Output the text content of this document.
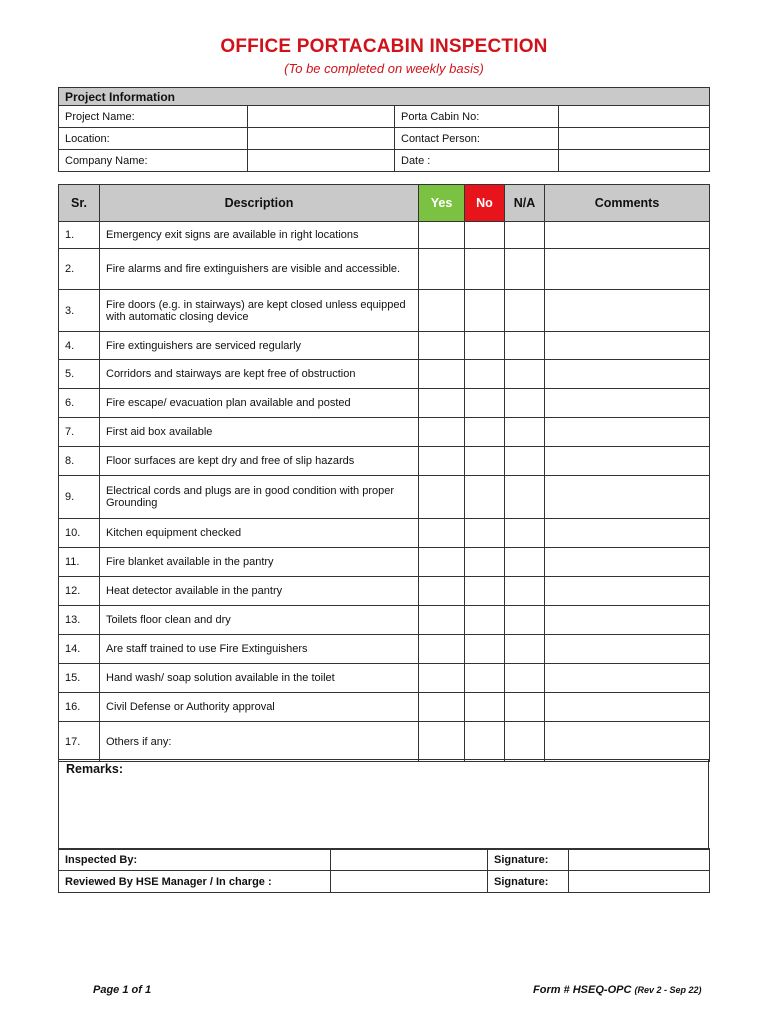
OFFICE PORTACABIN INSPECTION
(To be completed on weekly basis)
Project Information			
Project Name:		Porta Cabin No:	
Location:		Contact Person:	
Company Name:		Date :	
Sr.	Description	Yes	No	N/A	Comments
1.	Emergency exit signs are available in right locations				
2.	Fire alarms and fire extinguishers are visible and accessible.				
3.	Fire doors (e.g. in stairways) are kept closed unless equipped with automatic closing device				
4.	Fire extinguishers are serviced regularly				
5.	Corridors and stairways are kept free of obstruction				
6.	Fire escape/ evacuation plan available and posted				
7.	First aid box available				
8.	Floor surfaces are kept dry and free of slip hazards				
9.	Electrical cords and plugs are in good condition with proper Grounding				
10.	Kitchen equipment checked				
11.	Fire blanket available in the pantry				
12.	Heat detector available in the pantry				
13.	Toilets floor clean and dry				
14.	Are staff trained to use Fire Extinguishers				
15.	Hand wash/ soap solution available in the toilet				
16.	Civil Defense or Authority approval				
17.	Others if any:				
Remarks:
Inspected By:		Signature:	
Reviewed By HSE Manager / In charge :		Signature:	
Page 1 of 1	Form # HSEQ-OPC (Rev 2 - Sep 22)
